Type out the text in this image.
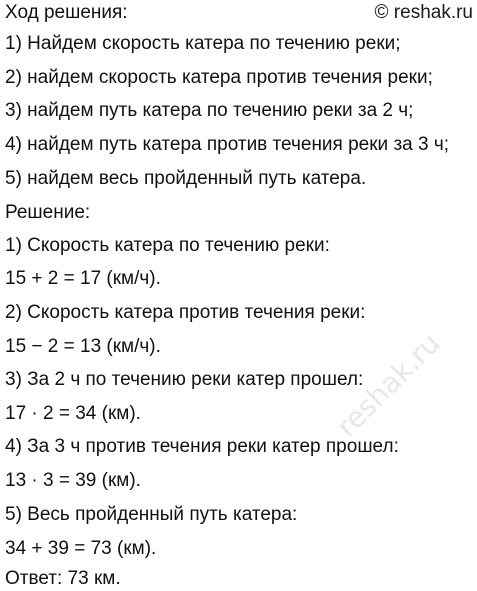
Ход решения:	© reshak.ru
1) Найдем скорость катера по течению реки;
2) найдем скорость катера против течения реки;
3) найдем путь катера по течению реки за 2 ч;
4) найдем путь катера против течения реки за 3 ч;
5) найдем весь пройденный путь катера.
Решение:
1) Скорость катера по течению реки:
15 + 2 = 17 (км/ч).
2) Скорость катера против течения реки:
15 − 2 = 13 (км/ч).
3) За 2 ч по течению реки катер прошел:
17 · 2 = 34 (км).
4) За 3 ч против течения реки катер прошел:
13 · 3 = 39 (км).
5) Весь пройденный путь катера:
34 + 39 = 73 (км).
Ответ: 73 км.
reshak.ru
